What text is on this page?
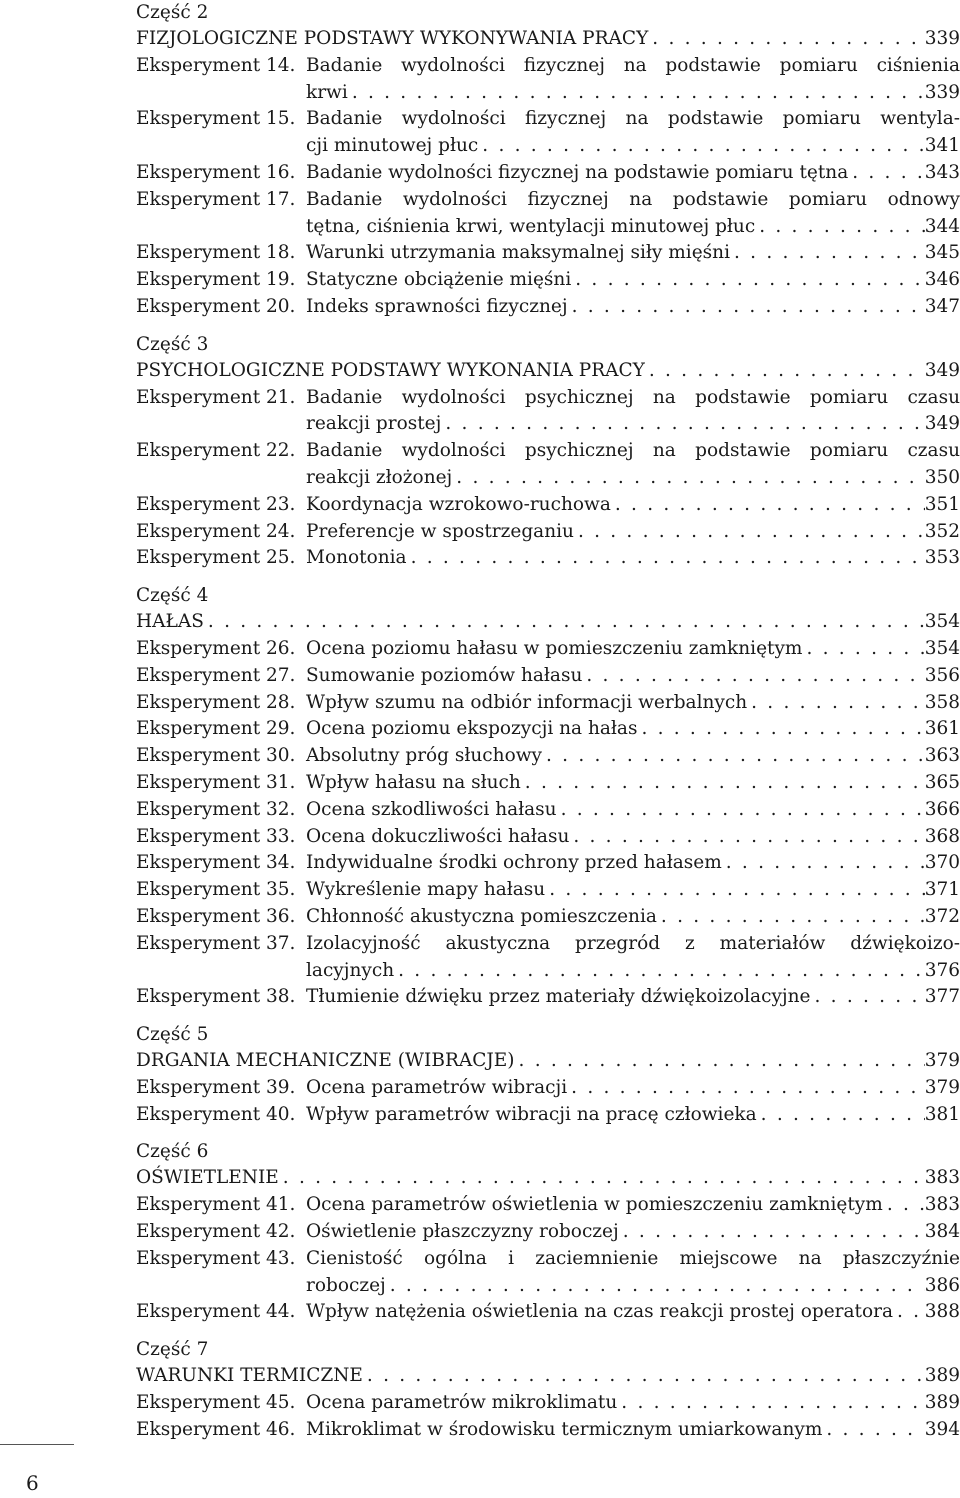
Część 2
FIZJOLOGICZNE PODSTAWY WYKONYWANIA PRACY . . .	339
Eksperyment 14. Badanie wydolności fizycznej na podstawie pomiaru ciśnienia
krwi . . .	339
Eksperyment 15. Badanie wydolności fizycznej na podstawie pomiaru wentyla-
cji minutowej płuc . . .	341
Eksperyment 16. Badanie wydolności fizycznej na podstawie pomiaru tętna . . .	343
Eksperyment 17. Badanie wydolności fizycznej na podstawie pomiaru odnowy
tętna, ciśnienia krwi, wentylacji minutowej płuc . . .	344
Eksperyment 18. Warunki utrzymania maksymalnej siły mięśni . . .	345
Eksperyment 19. Statyczne obciążenie mięśni . . .	346
Eksperyment 20. Indeks sprawności fizycznej . . .	347
Część 3
PSYCHOLOGICZNE PODSTAWY WYKONANIA PRACY . . .	349
Eksperyment 21. Badanie wydolności psychicznej na podstawie pomiaru czasu
reakcji prostej . . .	349
Eksperyment 22. Badanie wydolności psychicznej na podstawie pomiaru czasu
reakcji złożonej . . .	350
Eksperyment 23. Koordynacja wzrokowo-ruchowa . . .	351
Eksperyment 24. Preferencje w spostrzeganiu . . .	352
Eksperyment 25. Monotonia . . .	353
Część 4
HAŁAS . . .	354
Eksperyment 26. Ocena poziomu hałasu w pomieszczeniu zamkniętym . . .	354
Eksperyment 27. Sumowanie poziomów hałasu . . .	356
Eksperyment 28. Wpływ szumu na odbiór informacji werbalnych . . .	358
Eksperyment 29. Ocena poziomu ekspozycji na hałas . . .	361
Eksperyment 30. Absolutny próg słuchowy . . .	363
Eksperyment 31. Wpływ hałasu na słuch . . .	365
Eksperyment 32. Ocena szkodliwości hałasu . . .	366
Eksperyment 33. Ocena dokuczliwości hałasu . . .	368
Eksperyment 34. Indywidualne środki ochrony przed hałasem . . .	370
Eksperyment 35. Wykreślenie mapy hałasu . . .	371
Eksperyment 36. Chłonność akustyczna pomieszczenia . . .	372
Eksperyment 37. Izolacyjność akustyczna przegród z materiałów dźwiękoizo-
lacyjnych . . .	376
Eksperyment 38. Tłumienie dźwięku przez materiały dźwiękoizolacyjne . . .	377
Część 5
DRGANIA MECHANICZNE (WIBRACJE) . . .	379
Eksperyment 39. Ocena parametrów wibracji . . .	379
Eksperyment 40. Wpływ parametrów wibracji na pracę człowieka . . .	381
Część 6
OŚWIETLENIE . . .	383
Eksperyment 41. Ocena parametrów oświetlenia w pomieszczeniu zamkniętym . . . 383
Eksperyment 42. Oświetlenie płaszczyzny roboczej . . .	384
Eksperyment 43. Cienistość ogólna i zaciemnienie miejscowe na płaszczyźnie
roboczej . . .	386
Eksperyment 44. Wpływ natężenia oświetlenia na czas reakcji prostej operatora . . . 388
Część 7
WARUNKI TERMICZNE . . .	389
Eksperyment 45. Ocena parametrów mikroklimatu . . .	389
Eksperyment 46. Mikroklimat w środowisku termicznym umiarkowanym . . .	394
6
